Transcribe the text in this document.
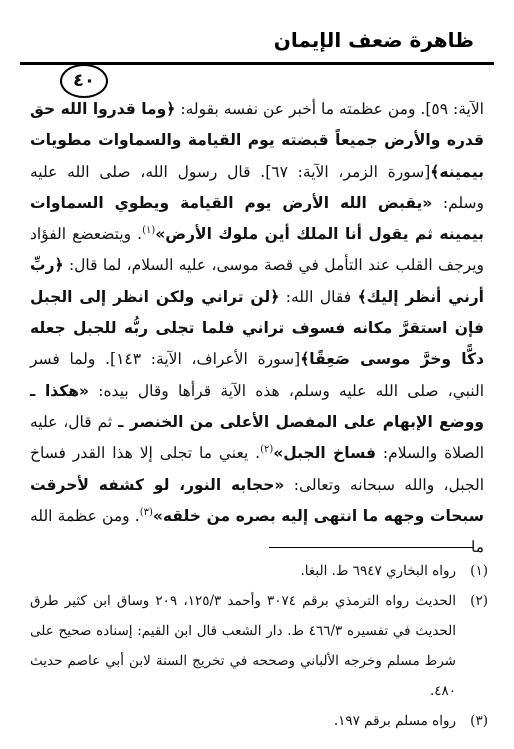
ظاهرة ضعف الإيمان
٤٠

الآية: ٥٩]. ومن عظمته ما أخبر عن نفسه بقوله: ﴿وما قدروا الله حق قدره والأرض جميعاً قبضته يوم القيامة والسماوات مطويات بيمينه﴾[سورة الزمر، الآية: ٦٧]. قال رسول الله، صلى الله عليه وسلم: «يقبض الله الأرض يوم القيامة ويطوي السماوات بيمينه ثم يقول أنا الملك أين ملوك الأرض»$^{(١)}$. ويتضعضع الفؤاد ويرجف القلب عند التأمل في قصة موسى، عليه السلام، لما قال: ﴿ربِّ أرني أنظر إليك﴾ فقال الله: ﴿لن تراني ولكن انظر إلى الجبل فإن استقرَّ مكانه فسوف تراني فلما تجلى ربُّه للجبل جعله دكًّا وخرَّ موسى صَعِقًا﴾[سورة الأعراف، الآية: ١٤٣]. ولما فسر النبي، صلى الله عليه وسلم، هذه الآية قرأها وقال بيده: «هكذا ـ ووضع الإبهام على المفصل الأعلى من الخنصر ـ ثم قال، عليه الصلاة والسلام: فساخ الجبل»$^{(٢)}$. يعني ما تجلى إلا هذا القدر فساخ الجبل، والله سبحانه وتعالى: «حجابه النور، لو كشفه لأحرقت سبحات وجهه ما انتهى إليه بصره من خلقه»$^{(٣)}$. ومن عظمة الله ما

(١)
رواه البخاري ٦٩٤٧ ط. البغا.
(٢)
الحديث رواه الترمذي برقم ٣٠٧٤ وأحمد ١٢٥/٣، ٢٠٩ وساق ابن كثير طرق الحديث في تفسيره ٤٦٦/٣ ط. دار الشعب قال ابن القيم: إسناده صحيح على شرط مسلم وخرجه الألباني وصححه في تخريج السنة لابن أبي عاصم حديث ٤٨٠.
(٣)
رواه مسلم برقم ١٩٧.
